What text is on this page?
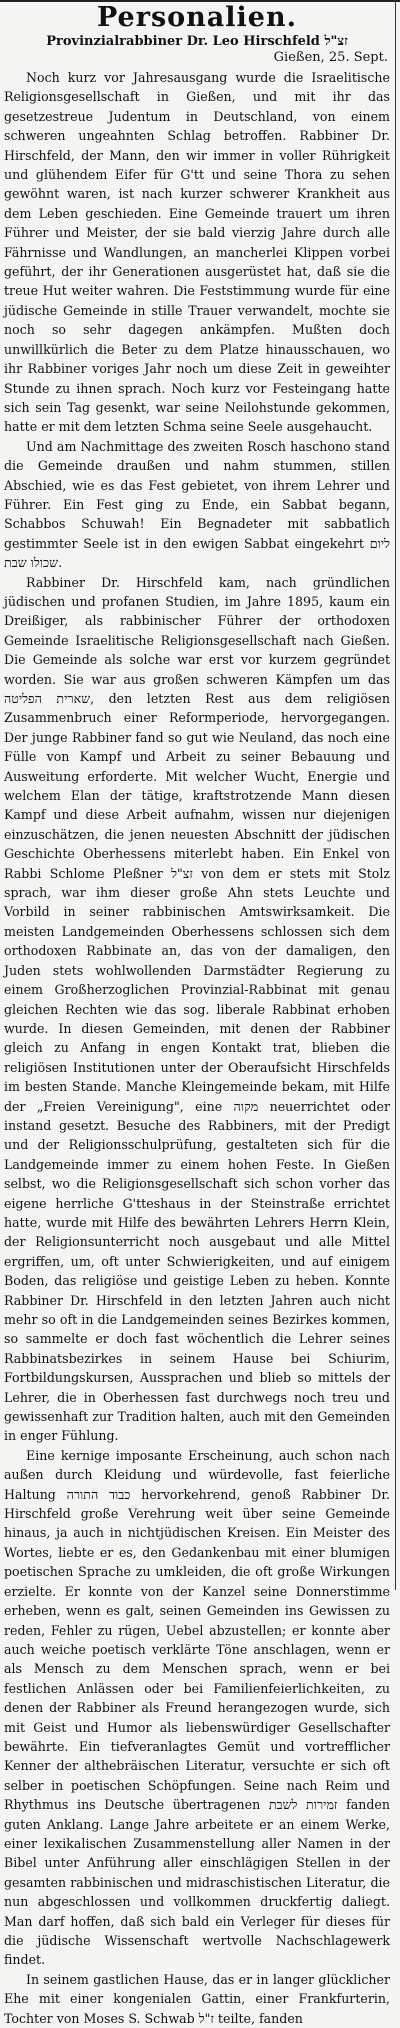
Personalien.

Provinzialrabbiner Dr. Leo Hirschfeld זצ"ל

Gießen, 25. Sept.

Noch kurz vor Jahresausgang wurde die Israelitische Religionsgesellschaft in Gießen, und mit ihr das gesetzestreue Judentum in Deutschland, von einem schweren ungeahnten Schlag betroffen. Rabbiner Dr. Hirschfeld, der Mann, den wir immer in voller Rührigkeit und glühendem Eifer für G'tt und seine Thora zu sehen gewöhnt waren, ist nach kurzer schwerer Krankheit aus dem Leben geschieden. Eine Gemeinde trauert um ihren Führer und Meister, der sie bald vierzig Jahre durch alle Fährnisse und Wandlungen, an mancherlei Klippen vorbei geführt, der ihr Generationen ausgerüstet hat, daß sie die treue Hut weiter wahren. Die Feststimmung wurde für eine jüdische Gemeinde in stille Trauer verwandelt, mochte sie noch so sehr dagegen ankämpfen. Mußten doch unwillkürlich die Beter zu dem Platze hinausschauen, wo ihr Rabbiner voriges Jahr noch um diese Zeit in geweihter Stunde zu ihnen sprach. Noch kurz vor Festeingang hatte sich sein Tag gesenkt, war seine Neilohstunde gekommen, hatte er mit dem letzten Schma seine Seele ausgehaucht.

Und am Nachmittage des zweiten Rosch haschono stand die Gemeinde draußen und nahm stummen, stillen Abschied, wie es das Fest gebietet, von ihrem Lehrer und Führer. Ein Fest ging zu Ende, ein Sabbat begann, Schabbos Schuwah! Ein Begnadeter mit sabbatlich gestimmter Seele ist in den ewigen Sabbat eingekehrt ליום שכולו שבת.

Rabbiner Dr. Hirschfeld kam, nach gründlichen jüdischen und profanen Studien, im Jahre 1895, kaum ein Dreißiger, als rabbinischer Führer der orthodoxen Gemeinde Israelitische Religionsgesellschaft nach Gießen. Die Gemeinde als solche war erst vor kurzem gegründet worden. Sie war aus großen schweren Kämpfen um das שארית הפליטה, den letzten Rest aus dem religiösen Zusammenbruch einer Reformperiode, hervorgegangen. Der junge Rabbiner fand so gut wie Neuland, das noch eine Fülle von Kampf und Arbeit zu seiner Bebauung und Ausweitung erforderte. Mit welcher Wucht, Energie und welchem Elan der tätige, kraftstrotzende Mann diesen Kampf und diese Arbeit aufnahm, wissen nur diejenigen einzuschätzen, die jenen neuesten Abschnitt der jüdischen Geschichte Oberhessens miterlebt haben. Ein Enkel von Rabbi Schlome Pleßner זצ"ל von dem er stets mit Stolz sprach, war ihm dieser große Ahn stets Leuchte und Vorbild in seiner rabbinischen Amtswirksamkeit. Die meisten Landgemeinden Oberhessens schlossen sich dem orthodoxen Rabbinate an, das von der damaligen, den Juden stets wohlwollenden Darmstädter Regierung zu einem Großherzoglichen Provinzial-Rabbinat mit genau gleichen Rechten wie das sog. liberale Rabbinat erhoben wurde. In diesen Gemeinden, mit denen der Rabbiner gleich zu Anfang in engen Kontakt trat, blieben die religiösen Institutionen unter der Oberaufsicht Hirschfelds im besten Stande. Manche Kleingemeinde bekam, mit Hilfe der „Freien Vereinigung", eine מקוה neuerrichtet oder instand gesetzt. Besuche des Rabbiners, mit der Predigt und der Religionsschulprüfung, gestalteten sich für die Landgemeinde immer zu einem hohen Feste. In Gießen selbst, wo die Religionsgesellschaft sich schon vorher das eigene herrliche G'tteshaus in der Steinstraße errichtet hatte, wurde mit Hilfe des bewährten Lehrers Herrn Klein, der Religionsunterricht noch ausgebaut und alle Mittel ergriffen, um, oft unter Schwierigkeiten, und auf einigem Boden, das religiöse und geistige Leben zu heben. Konnte Rabbiner Dr. Hirschfeld in den letzten Jahren auch nicht mehr so oft in die Landgemeinden seines Bezirkes kommen, so sammelte er doch fast wöchentlich die Lehrer seines Rabbinatsbezirkes in seinem Hause bei Schiurim, Fortbildungskursen, Aussprachen und blieb so mittels der Lehrer, die in Oberhessen fast durchwegs noch treu und gewissenhaft zur Tradition halten, auch mit den Gemeinden in enger Fühlung.

Eine kernige imposante Erscheinung, auch schon nach außen durch Kleidung und würdevolle, fast feierliche Haltung כבוד התורה hervorkehrend, genoß Rabbiner Dr. Hirschfeld große Verehrung weit über seine Gemeinde hinaus, ja auch in nichtjüdischen Kreisen. Ein Meister des Wortes, liebte er es, den Gedankenbau mit einer blumigen poetischen Sprache zu umkleiden, die oft große Wirkungen erzielte. Er konnte von der Kanzel seine Donnerstimme erheben, wenn es galt, seinen Gemeinden ins Gewissen zu reden, Fehler zu rügen, Uebel abzustellen; er konnte aber auch weiche poetisch verklärte Töne anschlagen, wenn er als Mensch zu dem Menschen sprach, wenn er bei festlichen Anlässen oder bei Familienfeierlichkeiten, zu denen der Rabbiner als Freund herangezogen wurde, sich mit Geist und Humor als liebenswürdiger Gesellschafter bewährte. Ein tiefveranlagtes Gemüt und vortrefflicher Kenner der althebräischen Literatur, versuchte er sich oft selber in poetischen Schöpfungen. Seine nach Reim und Rhythmus ins Deutsche übertragenen זמירות לשבת fanden guten Anklang. Lange Jahre arbeitete er an einem Werke, einer lexikalischen Zusammenstellung aller Namen in der Bibel unter Anführung aller einschlägigen Stellen in der gesamten rabbinischen und midraschistischen Literatur, die nun abgeschlossen und vollkommen druckfertig daliegt. Man darf hoffen, daß sich bald ein Verleger für dieses für die jüdische Wissenschaft wertvolle Nachschlagewerk findet.

In seinem gastlichen Hause, das er in langer glücklicher Ehe mit einer kongenialen Gattin, einer Frankfurterin, Tochter von Moses S. Schwab ז"ל teilte, fanden
